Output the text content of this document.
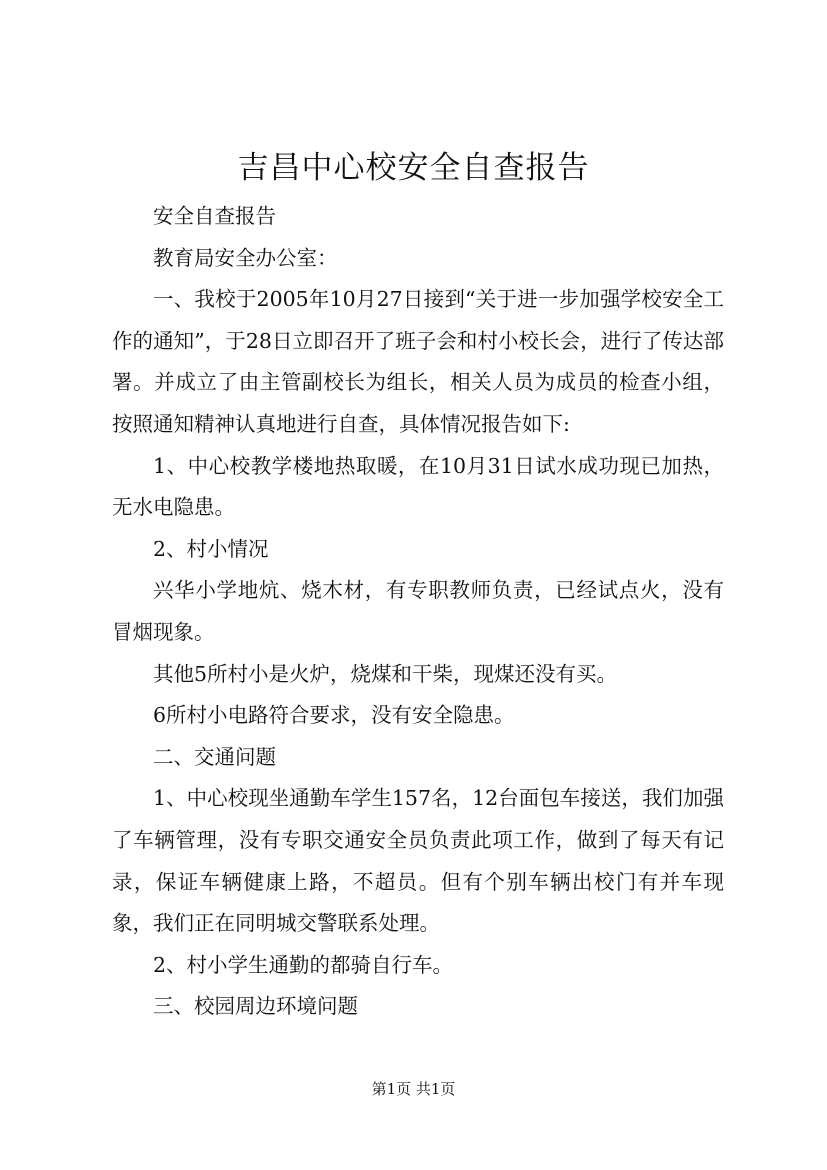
吉昌中心校安全自查报告

安全自查报告

教育局安全办公室：

一、我校于2005年10月27日接到“关于进一步加强学校安全工作的通知”，于28日立即召开了班子会和村小校长会，进行了传达部署。并成立了由主管副校长为组长，相关人员为成员的检查小组，按照通知精神认真地进行自查，具体情况报告如下:

1、中心校教学楼地热取暖，在10月31日试水成功现已加热，无水电隐患。

2、村小情况

兴华小学地炕、烧木材，有专职教师负责，已经试点火，没有冒烟现象。

其他5所村小是火炉，烧煤和干柴，现煤还没有买。

6所村小电路符合要求，没有安全隐患。

二、交通问题

1、中心校现坐通勤车学生157名，12台面包车接送，我们加强了车辆管理，没有专职交通安全员负责此项工作，做到了每天有记录，保证车辆健康上路，不超员。但有个别车辆出校门有并车现象，我们正在同明城交警联系处理。

2、村小学生通勤的都骑自行车。

三、校园周边环境问题

第1页 共1页
